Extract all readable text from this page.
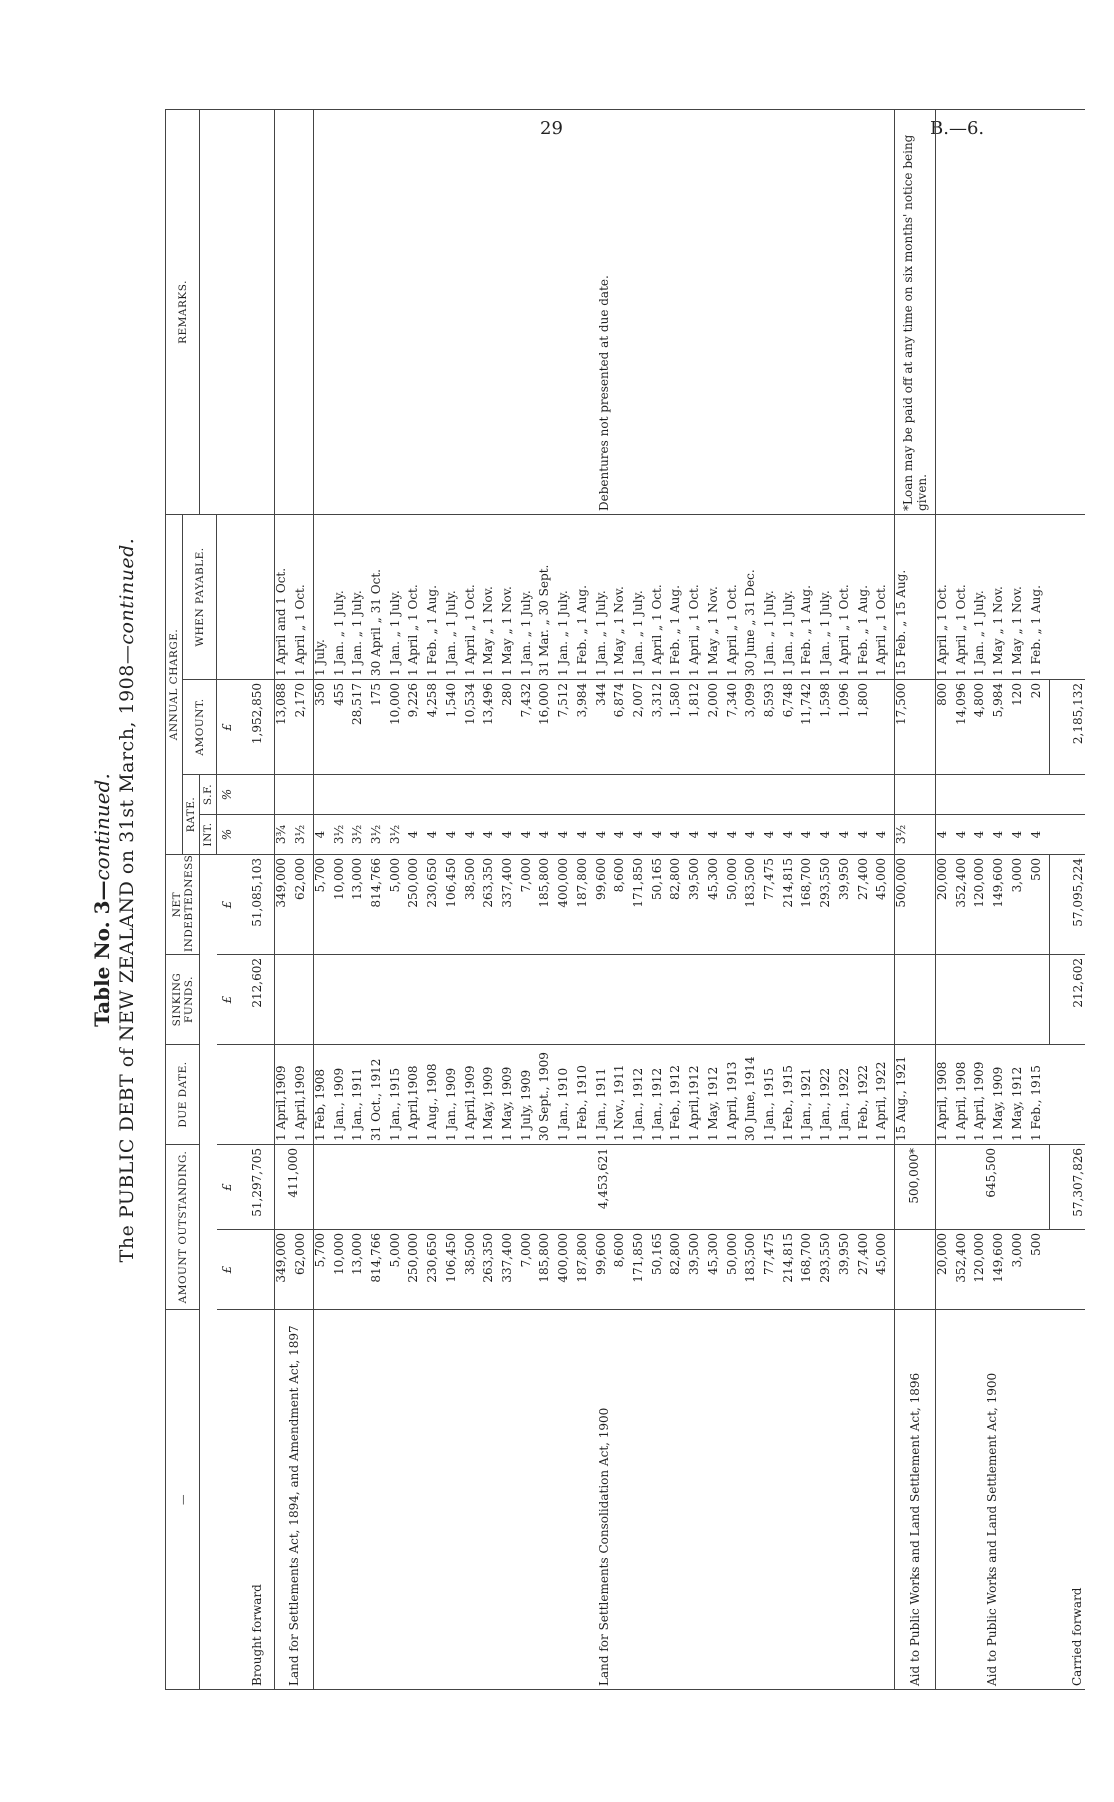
29	B.—6.
Table No. 3—continued. The PUBLIC DEBT of NEW ZEALAND on 31st March, 1908—continued.
—	AMOUNT OUTSTANDING.		DUE DATE.	SINKING FUNDS.	NET INDEBTEDNESS	ANNUAL CHARGE.				REMARKS.
						RATE.		AMOUNT.	WHEN PAYABLE.	
						INT.	S.F.			
	£	£		£	£	%	%	£		
Brought forward		51,297,705		212,602	51,085,103			1,952,850		
Land for Settlements Act, 1894, and Amendment Act, 1897	349,000	411,000	1 April,1909		349,000	3¾		13,088	1 April and 1 Oct.	
	62,000		1 April,1909		62,000	3½		2,170	1 April „ 1 Oct.	
Land for Settlements Consolidation Act, 1900	5,700	4,453,621	1 Feb, 1908		5,700	4		350	1 July.	Debentures not presented at due date.
	10,000		1 Jan., 1909		10,000	3½		455	1 Jan. „ 1 July.	
	13,000		1 Jan., 1911		13,000	3½		28,517	1 Jan. „ 1 July.	
	814,766		31 Oct., 1912		814,766	3½		175	30 April „ 31 Oct.	
	5,000		1 Jan., 1915		5,000	3½		10,000	1 Jan. „ 1 July.	
	250,000		1 April,1908		250,000	4		9,226	1 April „ 1 Oct.	
	230,650		1 Aug., 1908		230,650	4		4,258	1 Feb. „ 1 Aug.	
	106,450		1 Jan., 1909		106,450	4		1,540	1 Jan. „ 1 July.	
	38,500		1 April,1909		38,500	4		10,534	1 April „ 1 Oct.	
	263,350		1 May, 1909		263,350	4		13,496	1 May „ 1 Nov.	
	337,400		1 May, 1909		337,400	4		280	1 May „ 1 Nov.	
	7,000		1 July, 1909		7,000	4		7,432	1 Jan. „ 1 July.	
	185,800		30 Sept., 1909		185,800	4		16,000	31 Mar. „ 30 Sept.	
	400,000		1 Jan., 1910		400,000	4		7,512	1 Jan. „ 1 July.	
	187,800		1 Feb., 1910		187,800	4		3,984	1 Feb. „ 1 Aug.	
	99,600		1 Jan., 1911		99,600	4		344	1 Jan. „ 1 July.	
	8,600		1 Nov., 1911		8,600	4		6,874	1 May „ 1 Nov.	
	171,850		1 Jan., 1912		171,850	4		2,007	1 Jan. „ 1 July.	
	50,165		1 Jan., 1912		50,165	4		3,312	1 April „ 1 Oct.	
	82,800		1 Feb., 1912		82,800	4		1,580	1 Feb. „ 1 Aug.	
	39,500		1 April,1912		39,500	4		1,812	1 April „ 1 Oct.	
	45,300		1 May, 1912		45,300	4		2,000	1 May „ 1 Nov.	
	50,000		1 April, 1913		50,000	4		7,340	1 April „ 1 Oct.	
	183,500		30 June, 1914		183,500	4		3,099	30 June „ 31 Dec.	
	77,475		1 Jan., 1915		77,475	4		8,593	1 Jan. „ 1 July.	
	214,815		1 Feb., 1915		214,815	4		6,748	1 Jan. „ 1 July.	
	168,700		1 Jan., 1921		168,700	4		11,742	1 Feb. „ 1 Aug.	
	293,550		1 Jan., 1922		293,550	4		1,598	1 Jan. „ 1 July.	
	39,950		1 Jan., 1922		39,950	4		1,096	1 April „ 1 Oct.	
	27,400		1 Feb., 1922		27,400	4		1,800	1 Feb. „ 1 Aug.	
	45,000		1 April, 1922		45,000	4			1 April „ 1 Oct.	
Aid to Public Works and Land Settlement Act, 1896		500,000*	15 Aug., 1921		500,000	3½		17,500	15 Feb. „ 15 Aug.	*Loan may be paid off at any time on six months' notice being given.
Aid to Public Works and Land Settlement Act, 1900	20,000	645,500	1 April, 1908		20,000	4		800	1 April „ 1 Oct.	
	352,400		1 April, 1908		352,400	4		14,096	1 April „ 1 Oct.	
	120,000		1 April, 1909		120,000	4		4,800	1 Jan. „ 1 July.	
	149,600		1 May, 1909		149,600	4		5,984	1 May „ 1 Nov.	
	3,000		1 May, 1912		3,000	4		120	1 May „ 1 Nov.	
	500		1 Feb., 1915		500	4		20	1 Feb. „ 1 Aug.	
Carried forward		57,307,826		212,602	57,095,224			2,185,132		
